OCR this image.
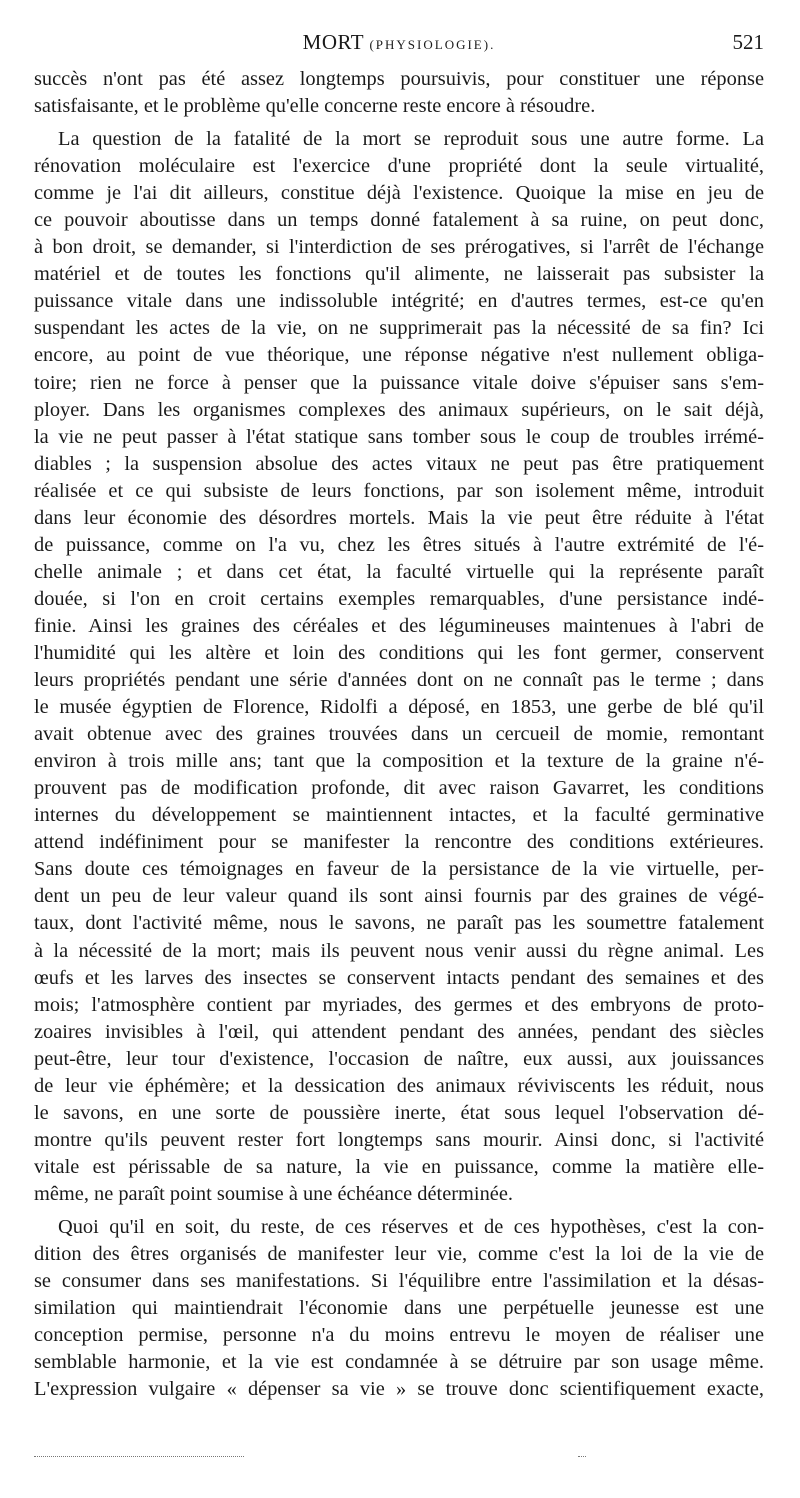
MORT (PHYSIOLOGIE).	521
succès n'ont pas été assez longtemps poursuivis, pour constituer une réponse
satisfaisante, et le problème qu'elle concerne reste encore à résoudre.
La question de la fatalité de la mort se reproduit sous une autre forme. La
rénovation moléculaire est l'exercice d'une propriété dont la seule virtualité,
comme je l'ai dit ailleurs, constitue déjà l'existence. Quoique la mise en jeu de
ce pouvoir aboutisse dans un temps donné fatalement à sa ruine, on peut donc,
à bon droit, se demander, si l'interdiction de ses prérogatives, si l'arrêt de l'échange
matériel et de toutes les fonctions qu'il alimente, ne laisserait pas subsister la
puissance vitale dans une indissoluble intégrité; en d'autres termes, est-ce qu'en
suspendant les actes de la vie, on ne supprimerait pas la nécessité de sa fin? Ici
encore, au point de vue théorique, une réponse négative n'est nullement obliga-
toire; rien ne force à penser que la puissance vitale doive s'épuiser sans s'em-
ployer. Dans les organismes complexes des animaux supérieurs, on le sait déjà,
la vie ne peut passer à l'état statique sans tomber sous le coup de troubles irrémé-
diables ; la suspension absolue des actes vitaux ne peut pas être pratiquement
réalisée et ce qui subsiste de leurs fonctions, par son isolement même, introduit
dans leur économie des désordres mortels. Mais la vie peut être réduite à l'état
de puissance, comme on l'a vu, chez les êtres situés à l'autre extrémité de l'é-
chelle animale ; et dans cet état, la faculté virtuelle qui la représente paraît
douée, si l'on en croit certains exemples remarquables, d'une persistance indé-
finie. Ainsi les graines des céréales et des légumineuses maintenues à l'abri de
l'humidité qui les altère et loin des conditions qui les font germer, conservent
leurs propriétés pendant une série d'années dont on ne connaît pas le terme ; dans
le musée égyptien de Florence, Ridolfi a déposé, en 1853, une gerbe de blé qu'il
avait obtenue avec des graines trouvées dans un cercueil de momie, remontant
environ à trois mille ans; tant que la composition et la texture de la graine n'é-
prouvent pas de modification profonde, dit avec raison Gavarret, les conditions
internes du développement se maintiennent intactes, et la faculté germinative
attend indéfiniment pour se manifester la rencontre des conditions extérieures.
Sans doute ces témoignages en faveur de la persistance de la vie virtuelle, per-
dent un peu de leur valeur quand ils sont ainsi fournis par des graines de végé-
taux, dont l'activité même, nous le savons, ne paraît pas les soumettre fatalement
à la nécessité de la mort; mais ils peuvent nous venir aussi du règne animal. Les
œufs et les larves des insectes se conservent intacts pendant des semaines et des
mois; l'atmosphère contient par myriades, des germes et des embryons de proto-
zoaires invisibles à l'œil, qui attendent pendant des années, pendant des siècles
peut-être, leur tour d'existence, l'occasion de naître, eux aussi, aux jouissances
de leur vie éphémère; et la dessication des animaux réviviscents les réduit, nous
le savons, en une sorte de poussière inerte, état sous lequel l'observation dé-
montre qu'ils peuvent rester fort longtemps sans mourir. Ainsi donc, si l'activité
vitale est périssable de sa nature, la vie en puissance, comme la matière elle-
même, ne paraît point soumise à une échéance déterminée.
Quoi qu'il en soit, du reste, de ces réserves et de ces hypothèses, c'est la con-
dition des êtres organisés de manifester leur vie, comme c'est la loi de la vie de
se consumer dans ses manifestations. Si l'équilibre entre l'assimilation et la désas-
similation qui maintiendrait l'économie dans une perpétuelle jeunesse est une
conception permise, personne n'a du moins entrevu le moyen de réaliser une
semblable harmonie, et la vie est condamnée à se détruire par son usage même.
L'expression vulgaire « dépenser sa vie » se trouve donc scientifiquement exacte,
